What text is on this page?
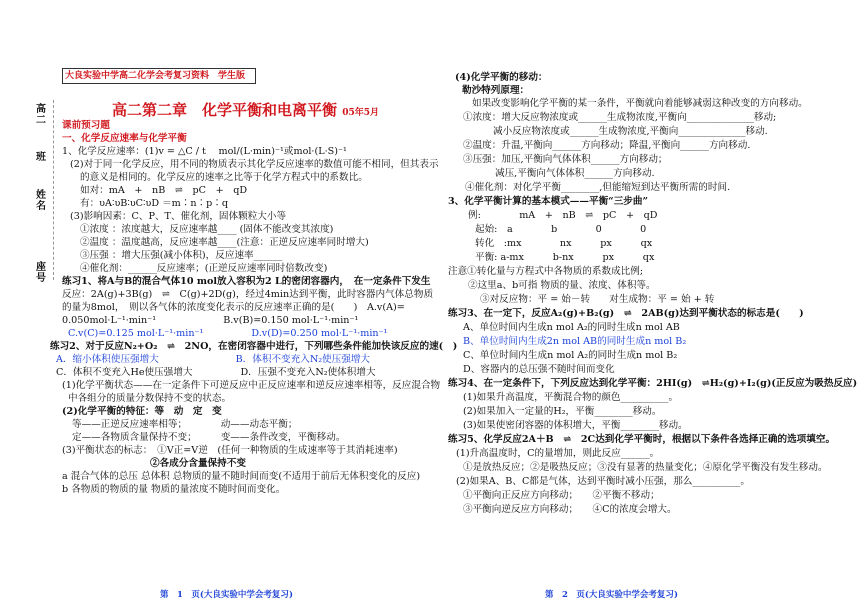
高二
班
姓名
座号
大良实验中学高二化学会考复习资料　学生版
高二第二章　化学平衡和电离平衡 05年5月
课前预习题
一、化学反应速率与化学平衡
1、化学反应速率：(1)v = △C / t　 mol/(L·min)⁻¹或mol·(L·S)⁻¹
(2)对于同一化学反应，用不同的物质表示其化学反应速率的数值可能不相同，但其表示
的意义是相同的。化学反应的速率之比等于化学方程式中的系数比。
如对：mA　+　nB　⇌　pC　+　qD
有：υA∶υB∶υC∶υD ＝m∶n∶p∶q
(3)影响因素：C、P、T、催化剂，固体颗粒大小等
①浓度 ：浓度越大，反应速率越____ (固体不能改变其浓度)
②温度 ：温度越高，反应速率越____(注意：正逆反应速率同时增大)
③压强 ：增大压强(减小体积)，反应速率______
④催化剂：______反应速率；(正逆反应速率同时倍数改变)
练习1、将A与B的混合气体10 mol放入容积为2 L的密闭容器内，　在一定条件下发生
反应：2A(g)+3B(g)　⇌　C(g)+2D(g)，经过4min达到平衡，此时容器内气体总物质
的量为8mol，　则以各气体的浓度变化表示的反应速率正确的是(　　)　A.v(A)=
0.050mol·L⁻¹·min⁻¹　　　　　　　B.v(B)=0.150 mol·L⁻¹·min⁻¹
C.v(C)=0.125 mol·L⁻¹·min⁻¹　　　　　D.v(D)=0.250 mol·L⁻¹·min⁻¹
练习2、对于反应N₂+O₂　⇌　2NO，在密闭容器中进行，下列哪些条件能加快该反应的速(　)
A．缩小体积使压强增大　　　　　　　　B．体积不变充入N₂使压强增大
C．体积不变充入He使压强增大　　　　　D．压强不变充入N₂使体积增大
(1)化学平衡状态——在一定条件下可逆反应中正反应速率和逆反应速率相等，反应混合物
中各组分的质量分数保持不变的状态。
(2)化学平衡的特征：等　动　定　变
等——正逆反应速率相等；　　　　动——动态平衡；
定——各物质含量保持不变；　　　变——条件改变，平衡移动。
(3)平衡状态的标志：　①V正=V逆　(任何一种物质的生成速率等于其消耗速率)
②各成分含量保持不变
a 混合气体的总压 总体积 总物质的量不随时间而变(不适用于前后无体积变化的反应)
b 各物质的物质的量 物质的量浓度不随时间而变化。
(4)化学平衡的移动：
勒沙特列原理：
如果改变影响化学平衡的某一条件，平衡就向着能够减弱这种改变的方向移动。
①浓度：增大反应物浓度或______生成物浓度,平衡向______________移动;
减小反应物浓度或______生成物浓度,平衡向______________移动.
②温度：升温,平衡向______方向移动；降温,平衡向______方向移动.
③压强：加压,平衡向气体体积______方向移动；
减压,平衡向气体体积______方向移动.
④催化剂：对化学平衡________,但能缩短到达平衡所需的时间.
3、化学平衡计算的基本模式——平衡“三步曲”
例:　　　　mA　+　nB　⇌　pC　+　qD
起始:　a　　　　b　　　　0　　　　0
转化　:mx　　　　nx　　　px　　　qx
平衡: a-mx　　　b-nx　　　px　　　qx
注意①转化量与方程式中各物质的系数成比例;
②这里a、b可指 物质的量、浓度、体积等。
③对反应物：平 = 始－转　　对生成物：平 = 始 + 转
练习3、在一定下，反应A₂(g)+B₂(g)　⇌　2AB(g)达到平衡状态的标志是(　　)
A、单位时间内生成n mol A₂的同时生成n mol AB
B、单位时间内生成2n mol AB的同时生成n mol B₂
C、单位时间内生成n mol A₂的同时生成n mol B₂
D、容器内的总压强不随时间而变化
练习4、在一定条件下，下列反应达到化学平衡：2HI(g)　⇌H₂(g)+I₂(g)(正反应为吸热反应)
(1)如果升高温度，平衡混合物的颜色__________。
(2)如果加入一定量的H₂，平衡________移动。
(3)如果使密闭容器的体积增大，平衡________移动。
练习5、化学反应2A＋B　⇌　2C达到化学平衡时，根据以下条件各选择正确的选项填空。
(1)升高温度时，C的量增加，则此反应______。
①是放热反应；②是吸热反应；③没有显著的热量变化；④原化学平衡没有发生移动。
(2)如果A、B、C都是气体，达到平衡时减小压强，那么__________。
①平衡向正反应方向移动；　　②平衡不移动；
③平衡向逆反应方向移动；　　④C的浓度会增大。
第　1　页(大良实验中学会考复习)	第　2　页(大良实验中学会考复习)
